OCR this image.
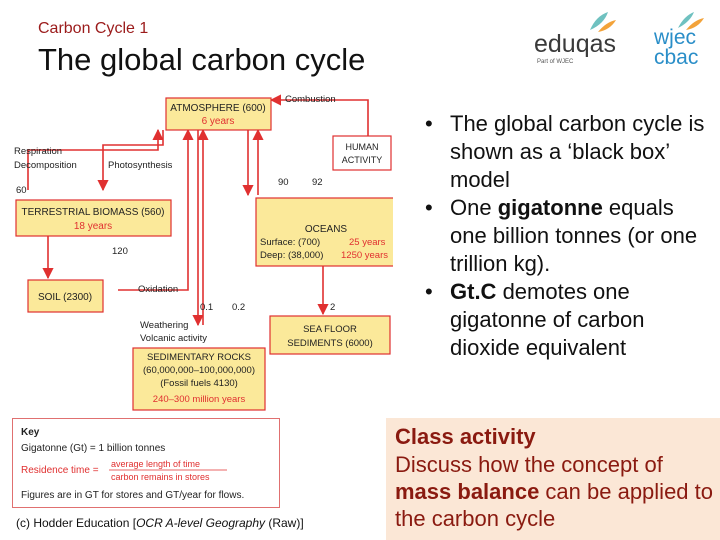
Carbon Cycle 1
The global carbon cycle	eduqas
Part of WJEC
wjec
cbac
ATMOSPHERE (600)
6 years
HUMAN
ACTIVITY
TERRESTRIAL BIOMASS (560)
18 years	OCEANS
Surface: (700)	25 years
Deep: (38,000) 1250 years
SOIL (2300)
SEA FLOOR
SEDIMENTS (6000)
SEDIMENTARY ROCKS
(60,000,000–100,000,000)
(Fossil fuels 4130)
240–300 million years
Combustion
Respiration
Decomposition	Photosynthesis
60
90 92
120
Oxidation
0.1 0.2	2
Weathering
Volcanic activity
Key
Gigatonne (Gt) = 1 billion tonnes
Residence time =
average length of time
carbon remains in stores
Figures are in GT for stores and GT/year for flows.
(c) Hodder Education [OCR A-level Geography (Raw)]
• The global carbon cycle is shown as a ‘black box’ model
• One gigatonne equals one billion tonnes (or one trillion kg).
• Gt.C demotes one gigatonne of carbon dioxide equivalent
Class activity
Discuss how the concept of mass balance can be applied to the carbon cycle
